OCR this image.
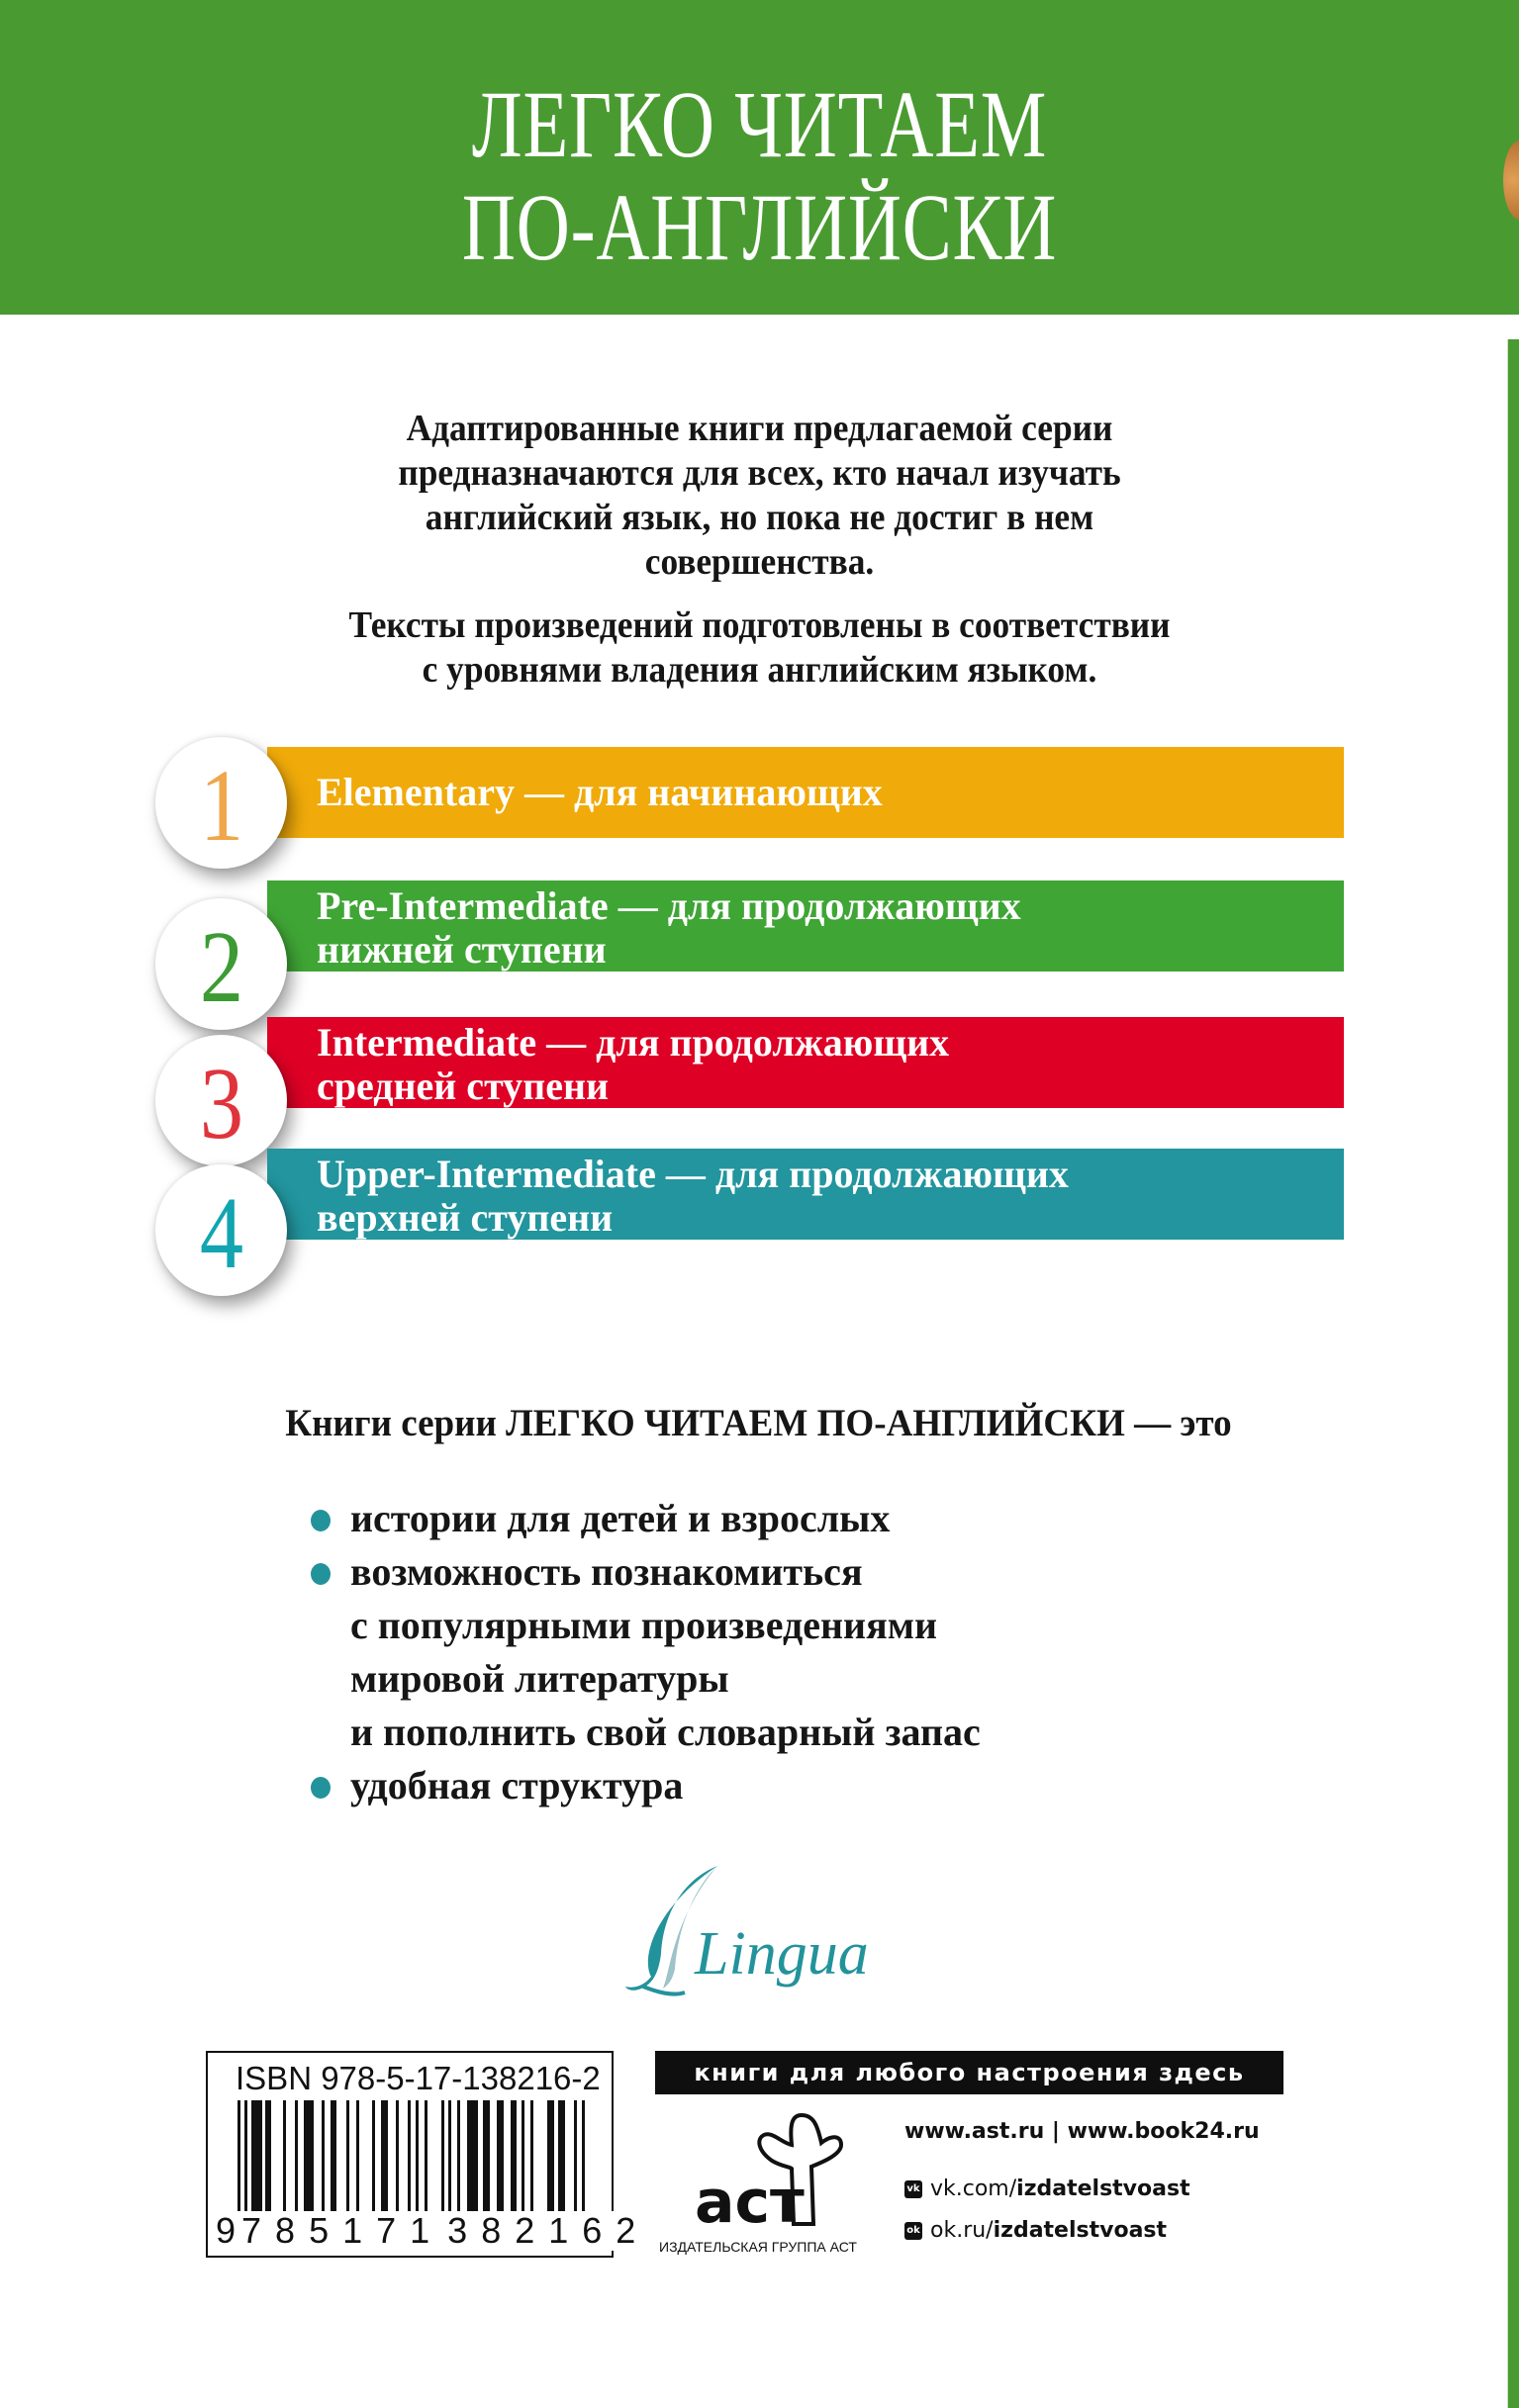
ЛЕГКО ЧИТАЕМ
ПО-АНГЛИЙСКИ
Адаптированные книги предлагаемой серии
предназначаются для всех, кто начал изучать
английский язык, но пока не достиг в нем
совершенства.
Тексты произведений подготовлены в соответствии
с уровнями владения английским языком.
Elementary — для начинающих
1
Pre-Intermediate — для продолжающих
нижней ступени
2
Intermediate — для продолжающих
средней ступени
3
Upper-Intermediate — для продолжающих
верхней ступени
4
Книги серии ЛЕГКО ЧИТАЕМ ПО-АНГЛИЙСКИ — это
истории для детей и взрослых
возможность познакомиться
с популярными произведениями
мировой литературы
и пополнить свой словарный запас
удобная структура
Lingua
ISBN 978-5-17-138216-2
9 785171 382162
книги для любого настроения здесь
аст
ИЗДАТЕЛЬСКАЯ ГРУППА АСТ
www.ast.ru | www.book24.ru
vk vk.com/ izdatelstvoast
ok ok.ru/ izdatelstvoast
